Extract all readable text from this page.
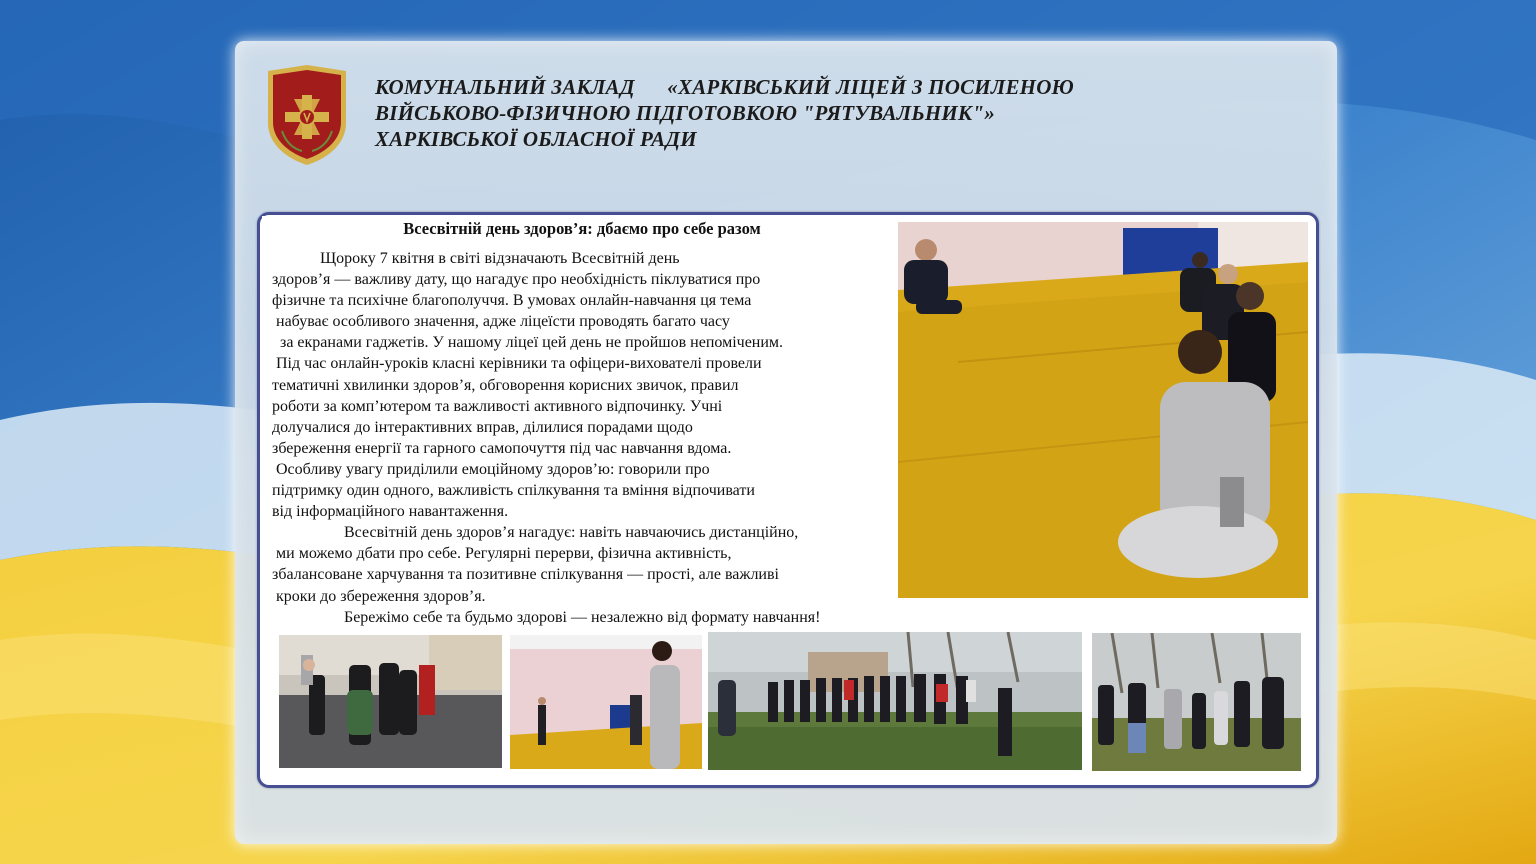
КОМУНАЛЬНИЙ ЗАКЛАД      «ХАРКІВСЬКИЙ ЛІЦЕЙ З ПОСИЛЕНОЮ
ВІЙСЬКОВО-ФІЗИЧНОЮ ПІДГОТОВКОЮ "РЯТУВАЛЬНИК"»
ХАРКІВСЬКОЇ ОБЛАСНОЇ РАДИ
Всесвітній день здоров’я: дбаємо про себе разом
Щороку 7 квітня в світі відзначають Всесвітній день
здоров’я — важливу дату, що нагадує про необхідність піклуватися про
фізичне та психічне благополуччя. В умовах онлайн-навчання ця тема
набуває особливого значення, адже ліцеїсти проводять багато часу
за екранами гаджетів. У нашому ліцеї цей день не пройшов непоміченим.
Під час онлайн-уроків класні керівники та офіцери-вихователі провели
тематичні хвилинки здоров’я, обговорення корисних звичок, правил
роботи за комп’ютером та важливості активного відпочинку. Учні
долучалися до інтерактивних вправ, ділилися порадами щодо
збереження енергії та гарного самопочуття під час навчання вдома.
Особливу увагу приділили емоційному здоров’ю: говорили про
підтримку один одного, важливість спілкування та вміння відпочивати
від інформаційного навантаження.
Всесвітній день здоров’я нагадує: навіть навчаючись дистанційно,
ми можемо дбати про себе. Регулярні перерви, фізична активність,
збалансоване харчування та позитивне спілкування — прості, але важливі
кроки до збереження здоров’я.
Бережімо себе та будьмо здорові — незалежно від формату навчання!
